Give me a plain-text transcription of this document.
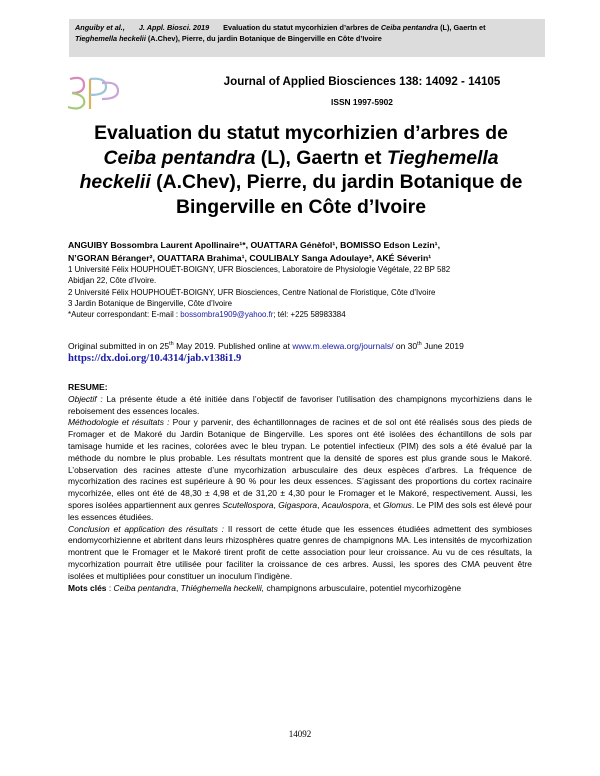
Anguiby et al., J. Appl. Biosci. 2019 Evaluation du statut mycorhizien d’arbres de Ceiba pentandra (L), Gaertn et
Tieghemella heckelii (A.Chev), Pierre, du jardin Botanique de Bingerville en Côte d’Ivoire
Journal of Applied Biosciences 138: 14092 - 14105
ISSN 1997-5902
Evaluation du statut mycorhizien d’arbres de Ceiba pentandra (L), Gaertn et Tieghemella heckelii (A.Chev), Pierre, du jardin Botanique de Bingerville en Côte d’Ivoire
ANGUIBY Bossombra Laurent Apollinaire¹*, OUATTARA Génèfol¹, BOMISSO Edson Lezin¹,
N’GORAN Béranger², OUATTARA Brahima¹, COULIBALY Sanga Adoulaye³, AKÉ Séverin¹
1 Université Félix HOUPHOUËT-BOIGNY, UFR Biosciences, Laboratoire de Physiologie Végétale, 22 BP 582
Abidjan 22, Côte d’Ivoire.
2 Université Félix HOUPHOUËT-BOIGNY, UFR Biosciences, Centre National de Floristique, Côte d’Ivoire
3 Jardin Botanique de Bingerville, Côte d’Ivoire
*Auteur correspondant: E-mail : bossombra1909@yahoo.fr; tél: +225 58983384
Original submitted in on 25th May 2019. Published online at www.m.elewa.org/journals/ on 30th June 2019
https://dx.doi.org/10.4314/jab.v138i1.9

RESUME:

Objectif : La présente étude a été initiée dans l’objectif de favoriser l’utilisation des champignons mycorhiziens dans le reboisement des essences locales.

Méthodologie et résultats : Pour y parvenir, des échantillonnages de racines et de sol ont été réalisés sous des pieds de Fromager et de Makoré du Jardin Botanique de Bingerville. Les spores ont été isolées des échantillons de sols par tamisage humide et les racines, colorées avec le bleu trypan. Le potentiel infectieux (PIM) des sols a été évalué par la méthode du nombre le plus probable. Les résultats montrent que la densité de spores est plus grande sous le Makoré. L’observation des racines atteste d’une mycorhization arbusculaire des deux espèces d’arbres. La fréquence de mycorhization des racines est supérieure à 90 % pour les deux essences. S’agissant des proportions du cortex racinaire mycorhizée, elles ont été de 48,30 ± 4,98 et de 31,20 ± 4,30 pour le Fromager et le Makoré, respectivement. Aussi, les spores isolées appartiennent aux genres Scutellospora, Gigaspora, Acaulospora, et Glomus. Le PIM des sols est élevé pour les essences étudiées.

Conclusion et application des résultats : Il ressort de cette étude que les essences étudiées admettent des symbioses endomycorhizienne et abritent dans leurs rhizosphères quatre genres de champignons MA. Les intensités de mycorhization montrent que le Fromager et le Makoré tirent profit de cette association pour leur croissance. Au vu de ces résultats, la mycorhization pourrait être utilisée pour faciliter la croissance de ces arbres. Aussi, les spores des CMA peuvent être isolées et multipliées pour constituer un inoculum l’indigène.

Mots clés : Ceiba pentandra, Thiéghemella heckelii, champignons arbusculaire, potentiel mycorhizogène

14092
